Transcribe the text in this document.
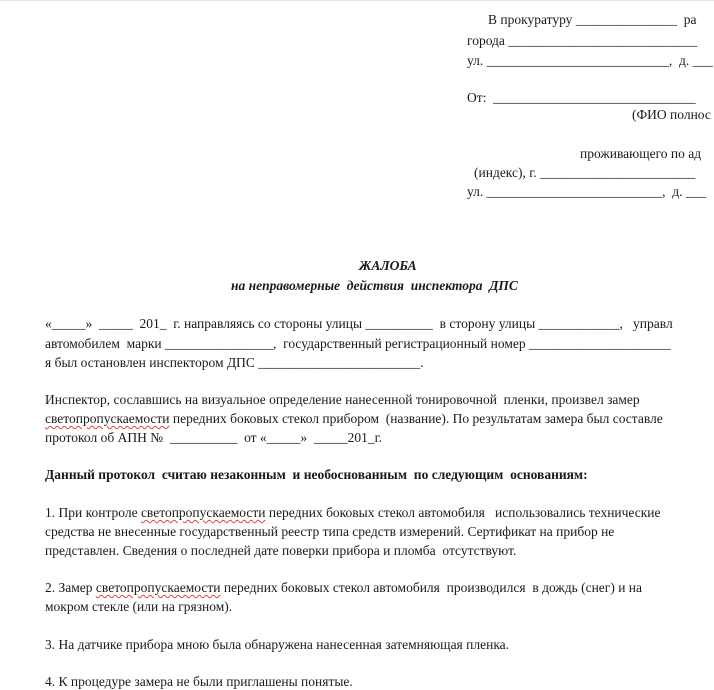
В прокуратуру _______________  ра
города ____________________________
ул. ___________________________,  д. ___
От:  ______________________________
(ФИО полнос
проживающего по ад
(индекс), г. _______________________
ул. __________________________,  д. ___
ЖАЛОБА
на неправомерные  действия  инспектора  ДПС
«_____»  _____  201_  г. направляясь со стороны улицы __________  в сторону улицы ____________,   управл
автомобилем  марки ________________,  государственный регистрационный номер _____________________
я был остановлен инспектором ДПС ________________________.
Инспектор, сославшись на визуальное определение нанесенной тонировочной  пленки, произвел замер
светопропускаемости передних боковых стекол прибором  (название). По результатам замера был составле
протокол об АПН №  __________  от «_____»  _____201_г.
Данный протокол  считаю незаконным  и необоснованным  по следующим  основаниям:
1. При контроле светопропускаемости передних боковых стекол автомобиля   использовались технические
средства не внесенные государственный реестр типа средств измерений. Сертификат на прибор не
представлен. Сведения о последней дате поверки прибора и пломба  отсутствуют.
2. Замер светопропускаемости передних боковых стекол автомобиля  производился  в дождь (снег) и на
мокром стекле (или на грязном).
3. На датчике прибора мною была обнаружена нанесенная затемняющая пленка.
4. К процедуре замера не были приглашены понятые.
